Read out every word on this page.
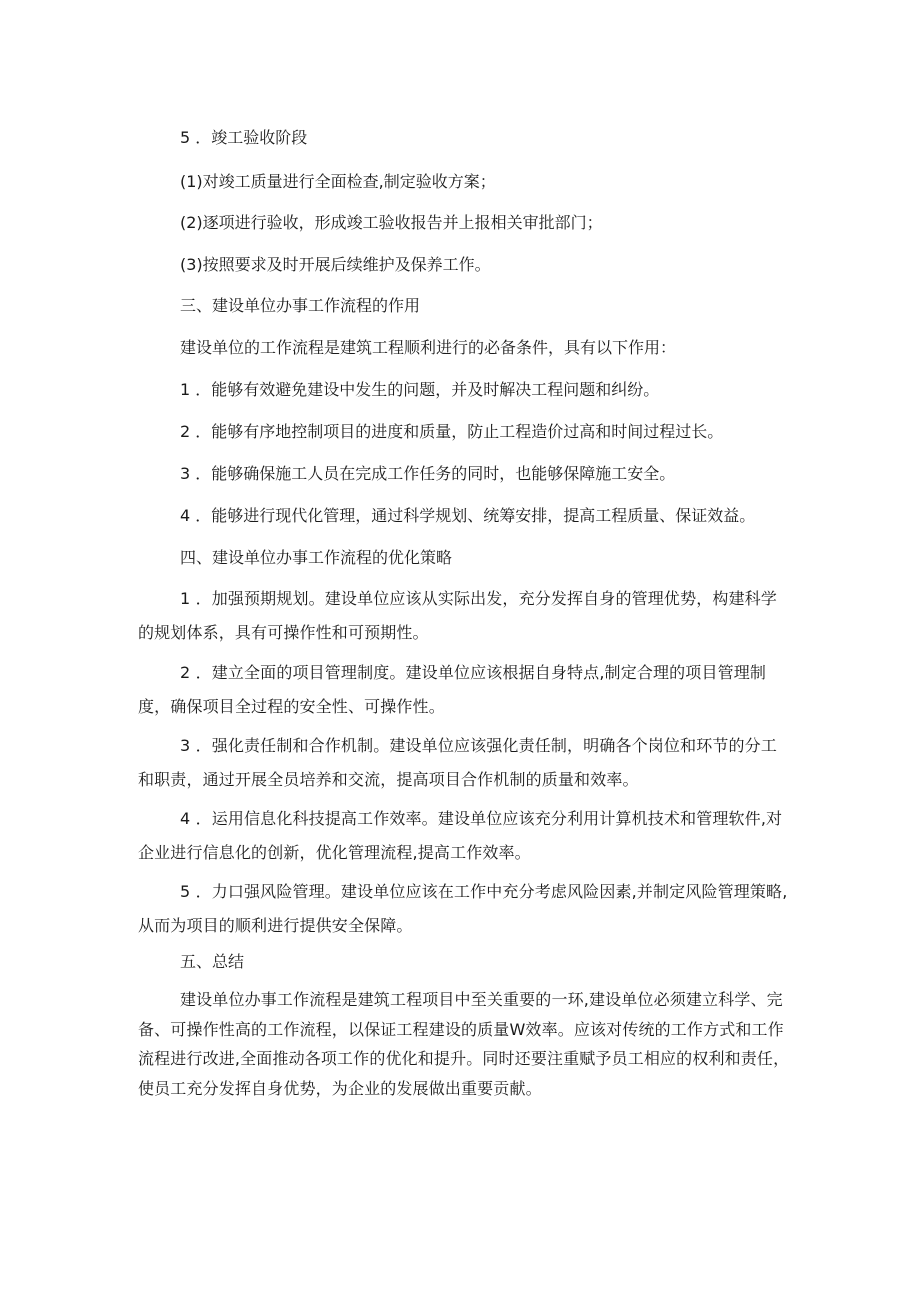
5 ．竣工验收阶段

(1)对竣工质量进行全面检查,制定验收方案；

(2)逐项进行验收，形成竣工验收报告并上报相关审批部门；

(3)按照要求及时开展后续维护及保养工作。

三、建设单位办事工作流程的作用

建设单位的工作流程是建筑工程顺利进行的必备条件，具有以下作用：

1 ．能够有效避免建设中发生的问题，并及时解决工程问题和纠纷。

2 ．能够有序地控制项目的进度和质量，防止工程造价过高和时间过程过长。

3 ．能够确保施工人员在完成工作任务的同时，也能够保障施工安全。

4 ．能够进行现代化管理，通过科学规划、统筹安排，提高工程质量、保证效益。

四、建设单位办事工作流程的优化策略

1 ．加强预期规划。建设单位应该从实际出发，充分发挥自身的管理优势，构建科学的规划体系，具有可操作性和可预期性。

2 ．建立全面的项目管理制度。建设单位应该根据自身特点,制定合理的项目管理制度，确保项目全过程的安全性、可操作性。

3 ．强化责任制和合作机制。建设单位应该强化责任制，明确各个岗位和环节的分工和职责，通过开展全员培养和交流，提高项目合作机制的质量和效率。

4 ．运用信息化科技提高工作效率。建设单位应该充分利用计算机技术和管理软件,对企业进行信息化的创新，优化管理流程,提高工作效率。

5 ．力口强风险管理。建设单位应该在工作中充分考虑风险因素,并制定风险管理策略,从而为项目的顺利进行提供安全保障。

五、总结

建设单位办事工作流程是建筑工程项目中至关重要的一环,建设单位必须建立科学、完备、可操作性高的工作流程，以保证工程建设的质量W效率。应该对传统的工作方式和工作流程进行改进,全面推动各项工作的优化和提升。同时还要注重赋予员工相应的权利和责任，使员工充分发挥自身优势，为企业的发展做出重要贡献。
